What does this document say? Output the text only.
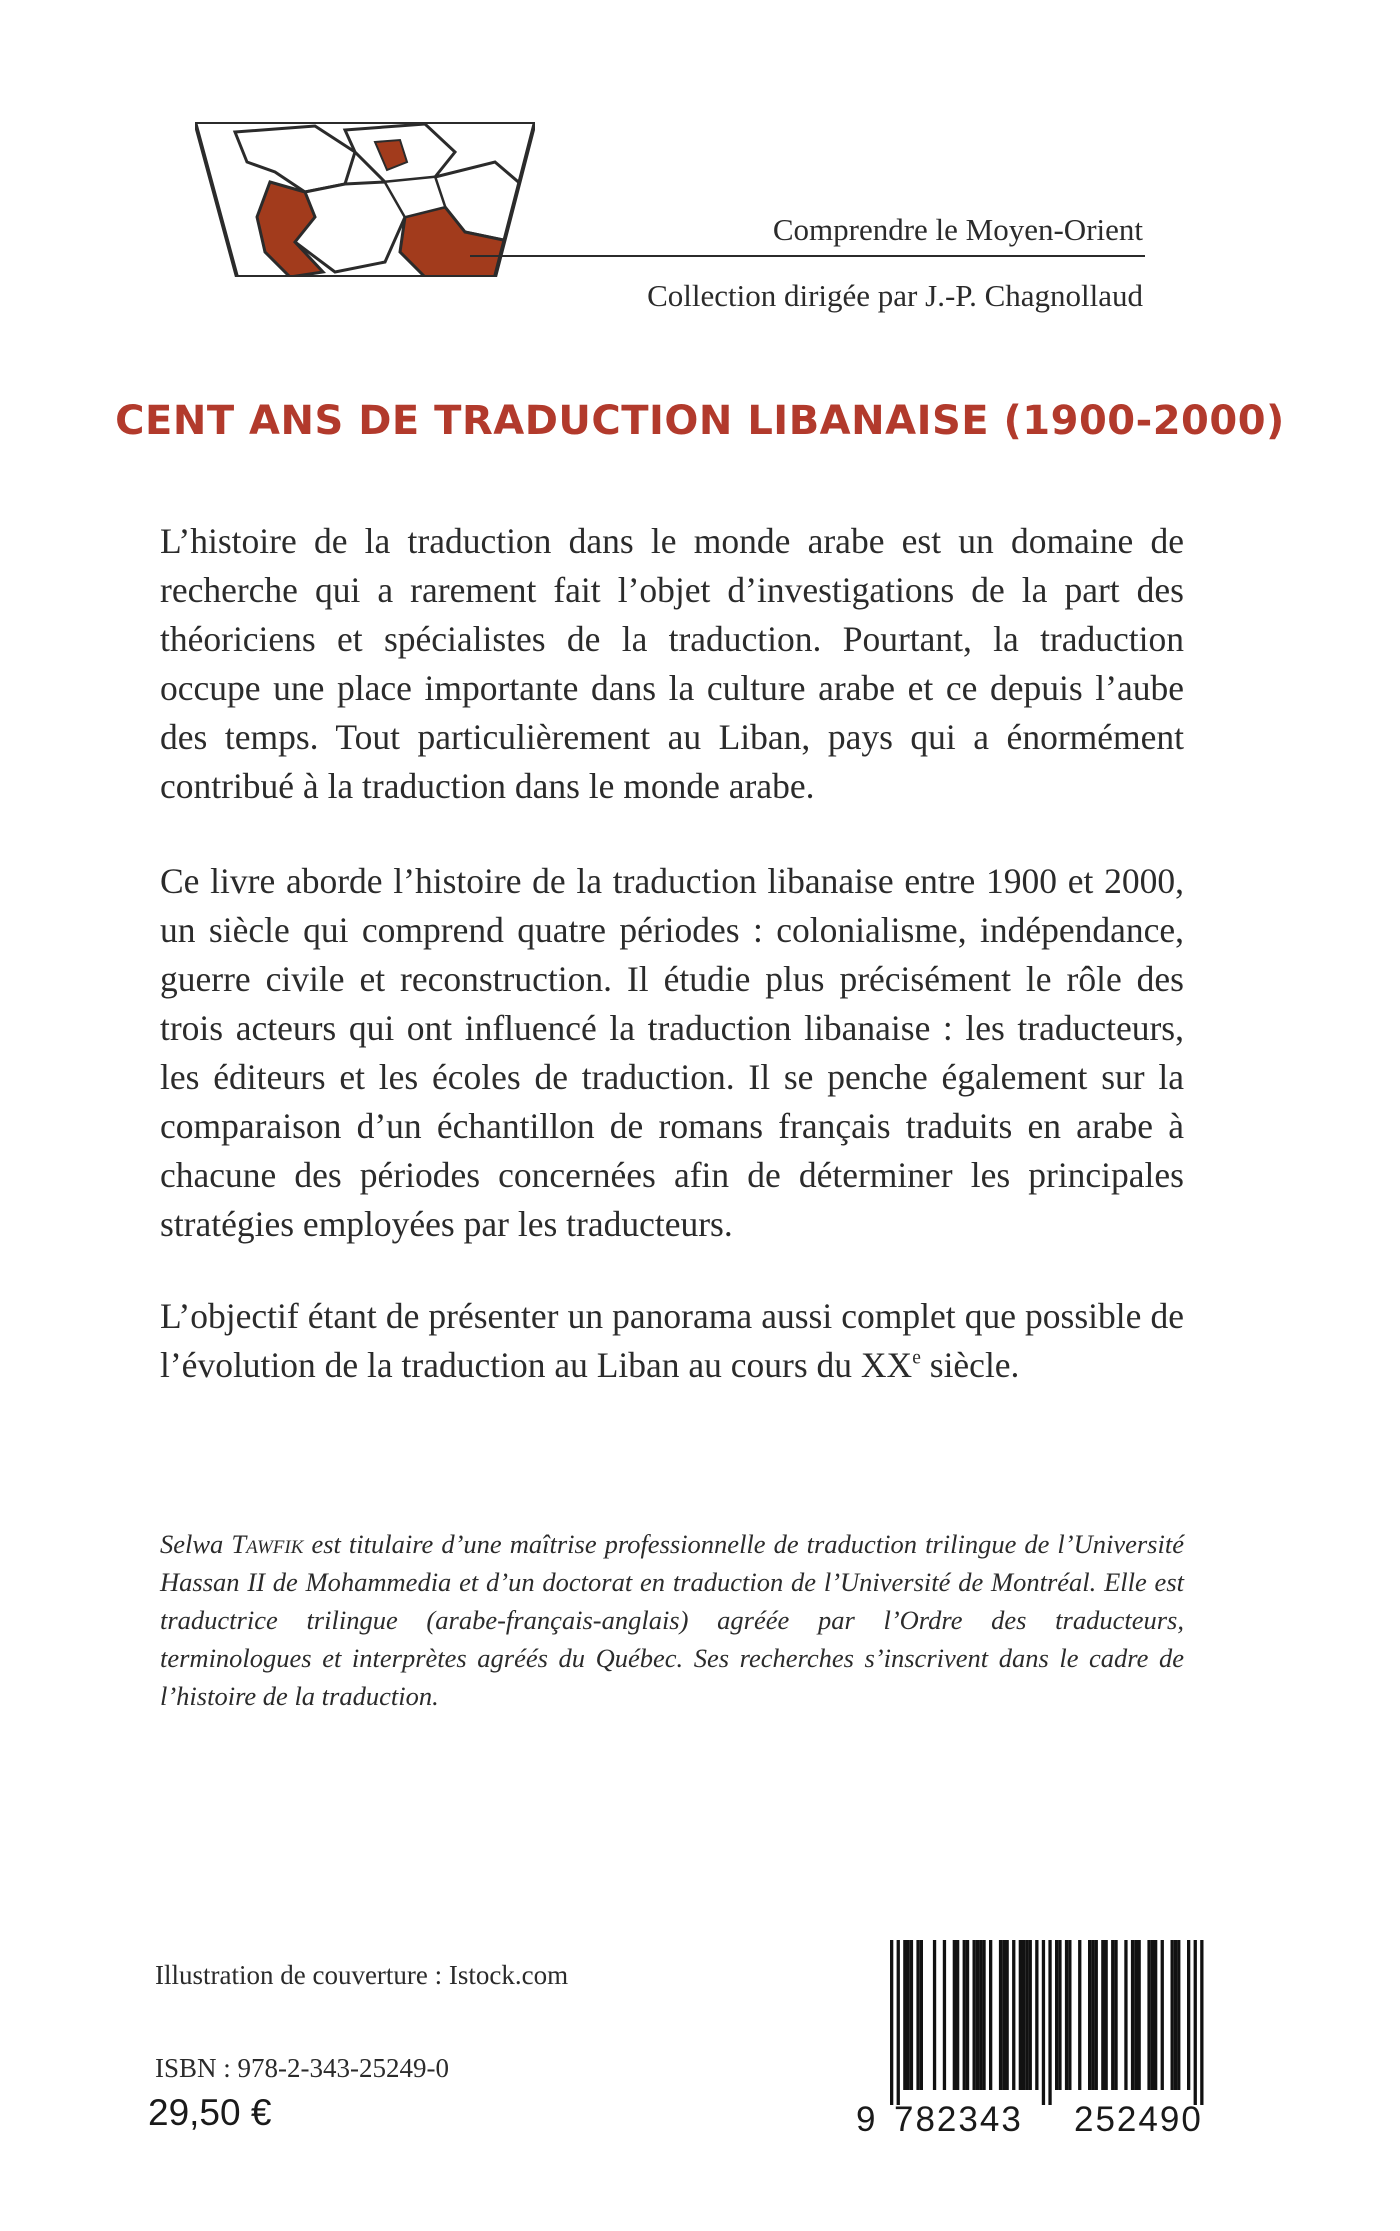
Comprendre le Moyen-Orient
Collection dirigée par J.-P. Chagnollaud
CENT ANS DE TRADUCTION LIBANAISE (1900-2000)

L’histoire de la traduction dans le monde arabe est un domaine de recherche qui a rarement fait l’objet d’investigations de la part des théoriciens et spécialistes de la traduction. Pourtant, la traduction occupe une place importante dans la culture arabe et ce depuis l’aube des temps. Tout particulièrement au Liban, pays qui a énormément contribué à la traduction dans le monde arabe.

Ce livre aborde l’histoire de la traduction libanaise entre 1900 et 2000, un siècle qui comprend quatre périodes : colonialisme, indépendance, guerre civile et reconstruction. Il étudie plus précisément le rôle des trois acteurs qui ont influencé la traduction libanaise : les traducteurs, les éditeurs et les écoles de traduction. Il se penche également sur la comparaison d’un échantillon de romans français traduits en arabe à chacune des périodes concernées afin de déterminer les principales stratégies employées par les traducteurs.

L’objectif étant de présenter un panorama aussi complet que possible de l’évolution de la traduction au Liban au cours du XXe siècle.

Selwa Tawfik est titulaire d’une maîtrise professionnelle de traduction trilingue de l’Université Hassan II de Mohammedia et d’un doctorat en traduction de l’Université de Montréal. Elle est traductrice trilingue (arabe-français-anglais) agréée par l’Ordre des traducteurs, terminologues et interprètes agréés du Québec. Ses recherches s’inscrivent dans le cadre de l’histoire de la traduction.

Illustration de couverture : Istock.com
ISBN : 978-2-343-25249-0
29,50 €	9 782343 252490
